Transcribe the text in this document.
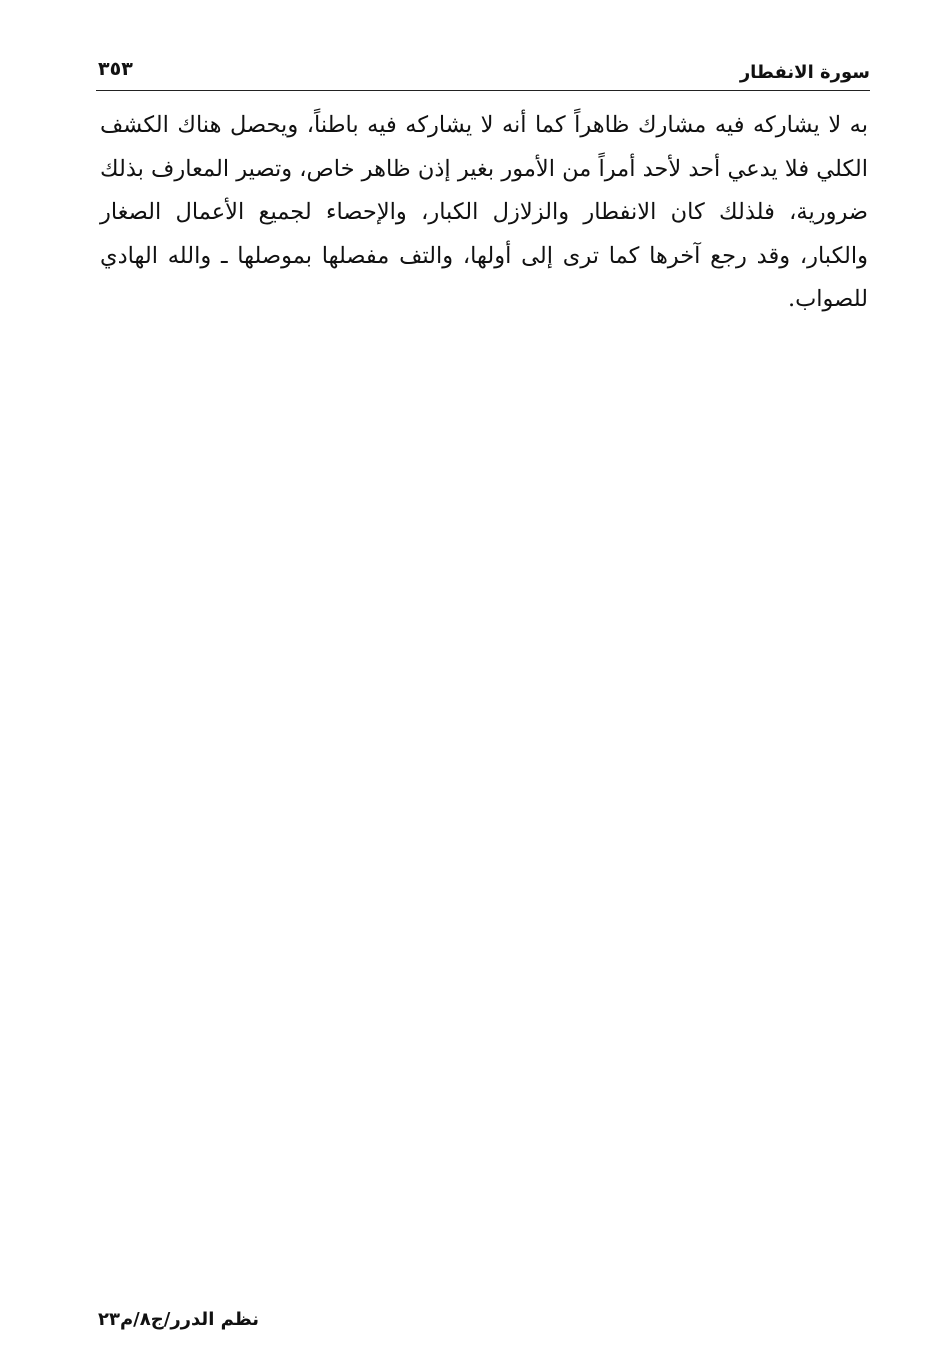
سورة الانفطار
٣٥٣

به لا يشاركه فيه مشارك ظاهراً كما أنه لا يشاركه فيه باطناً، ويحصل هناك الكشف الكلي فلا يدعي أحد لأحد أمراً من الأمور بغير إذن ظاهر خاص، وتصير المعارف بذلك ضرورية، فلذلك كان الانفطار والزلازل الكبار، والإحصاء لجميع الأعمال الصغار والكبار، وقد رجع آخرها كما ترى إلى أولها، والتف مفصلها بموصلها ـ والله الهادي للصواب.

نظم الدرر/ج٨/م٢٣
